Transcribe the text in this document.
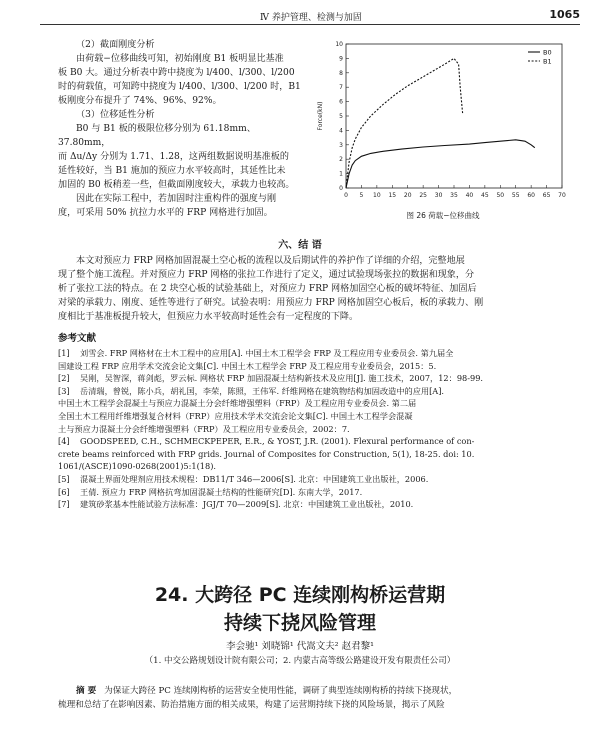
Ⅳ 养护管理、检测与加固	1065

（2）截面刚度分析

由荷载−位移曲线可知，初始刚度 B1 板明显比基准

板 B0 大。通过分析表中跨中挠度为 l/400、l/300、l/200

时的荷载值，可知跨中挠度为 l/400、l/300、l/200 时，B1

板刚度分布提升了 74%、96%、92%。

（3）位移延性分析

B0 与 B1 板的极限位移分别为 61.18mm、37.80mm，

而 Δu/Δy 分别为 1.71、1.28，这两组数据说明基准板的

延性较好，当 B1 施加的预应力水平较高时，其延性比未

加固的 B0 板稍差一些，但截面刚度较大，承载力也较高。

因此在实际工程中，若加固时注重构件的强度与刚

度，可采用 50% 抗拉力水平的 FRP 网格进行加固。

0 5 10 15 20 25 30 35 40 45 50 55 60 65 70
0
1
2
3
4
5
6
7
8
9
10
Force(kN)
B0
B1
图 26 荷载−位移曲线
六、结 语

本文对预应力 FRP 网格加固混凝土空心板的流程以及后期试件的养护作了详细的介绍，完整地展

现了整个施工流程。并对预应力 FRP 网格的张拉工作进行了定义，通过试验现场张拉的数据和现象，分

析了张拉工法的特点。在 2 块空心板的试验基础上，对预应力 FRP 网格加固空心板的破坏特征、加固后

对梁的承载力、刚度、延性等进行了研究。试验表明：用预应力 FRP 网格加固空心板后，板的承载力、刚

度相比于基准板提升较大，但预应力水平较高时延性会有一定程度的下降。

参考文献
[1]	刘雪会. FRP 网格材在土木工程中的应用[A]. 中国土木工程学会 FRP 及工程应用专业委员会. 第九届全
国建设工程 FRP 应用学术交流会论文集[C]. 中国土木工程学会 FRP 及工程应用专业委员会，2015：5.
[2]	吴刚，吴智深，蒋剑彪，罗云标. 网格状 FRP 加固混凝土结构新技术及应用[J]. 施工技术，2007，12：98-99.
[3]	岳清瑞，曾锐，陈小兵，胡礼国，李荣，陈照，王伟军. 纤维网格在建筑物结构加固改造中的应用[A].
中国土木工程学会混凝土与预应力混凝土分会纤维增强塑料（FRP）及工程应用专业委员会. 第二届
全国土木工程用纤维增强复合材料（FRP）应用技术学术交流会论文集[C]. 中国土木工程学会混凝
土与预应力混凝土分会纤维增强塑料（FRP）及工程应用专业委员会，2002：7.
[4]	GOODSPEED, C.H., SCHMECKPEPER, E.R., & YOST, J.R. (2001). Flexural performance of con-
crete beams reinforced with FRP grids. Journal of Composites for Construction, 5(1), 18-25. doi: 10.
1061/(ASCE)1090-0268(2001)5:1(18).
[5]	混凝土界面处理剂应用技术规程：DB11/T 346—2006[S]. 北京：中国建筑工业出版社，2006.
[6]	王倩. 预应力 FRP 网格抗弯加固混凝土结构的性能研究[D]. 东南大学，2017.
[7]	建筑砂浆基本性能试验方法标准：JGJ/T 70—2009[S]. 北京：中国建筑工业出版社，2010.
24. 大跨径 PC 连续刚构桥运营期
持续下挠风险管理
李会驰¹ 刘晓锦¹ 代嵩文夫² 赵君黎¹
（1. 中交公路规划设计院有限公司；2. 内蒙古高等级公路建设开发有限责任公司）
摘 要 为保证大跨径 PC 连续刚构桥的运营安全使用性能，调研了典型连续刚构桥的持续下挠现状，
梳理和总结了在影响因素、防治措施方面的相关成果，构建了运营期持续下挠的风险场景，揭示了风险
